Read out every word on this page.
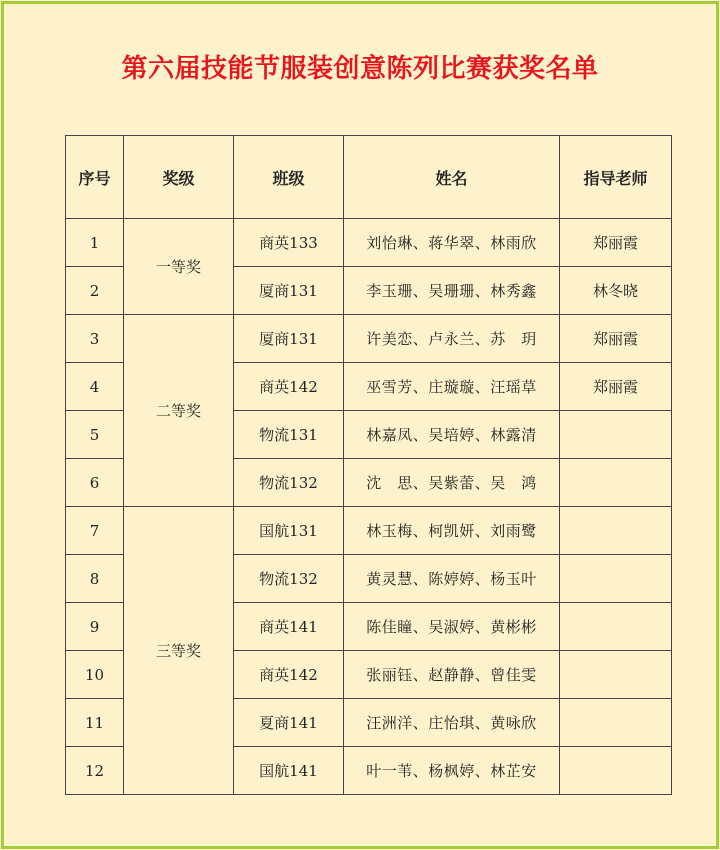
第六届技能节服装创意陈列比赛获奖名单
序号	奖级	班级	姓名	指导老师
1	一等奖	商英133	刘怡琳、蒋华翠、林雨欣	郑丽霞
2		厦商131	李玉珊、吴珊珊、林秀鑫	林冬晓
3	二等奖	厦商131	许美恋、卢永兰、苏　玥	郑丽霞
4		商英142	巫雪芳、庄璇璇、汪瑶草	郑丽霞
5		物流131	林嘉凤、吴培婷、林露清	
6		物流132	沈　思、吴紫蕾、吴　鸿	
7	三等奖	国航131	林玉梅、柯凯妍、刘雨鹭	
8		物流132	黄灵慧、陈婷婷、杨玉叶	
9		商英141	陈佳瞳、吴淑婷、黄彬彬	
10		商英142	张丽钰、赵静静、曾佳雯	
11		夏商141	汪洲洋、庄怡琪、黄咏欣	
12		国航141	叶一苇、杨枫婷、林芷安	
